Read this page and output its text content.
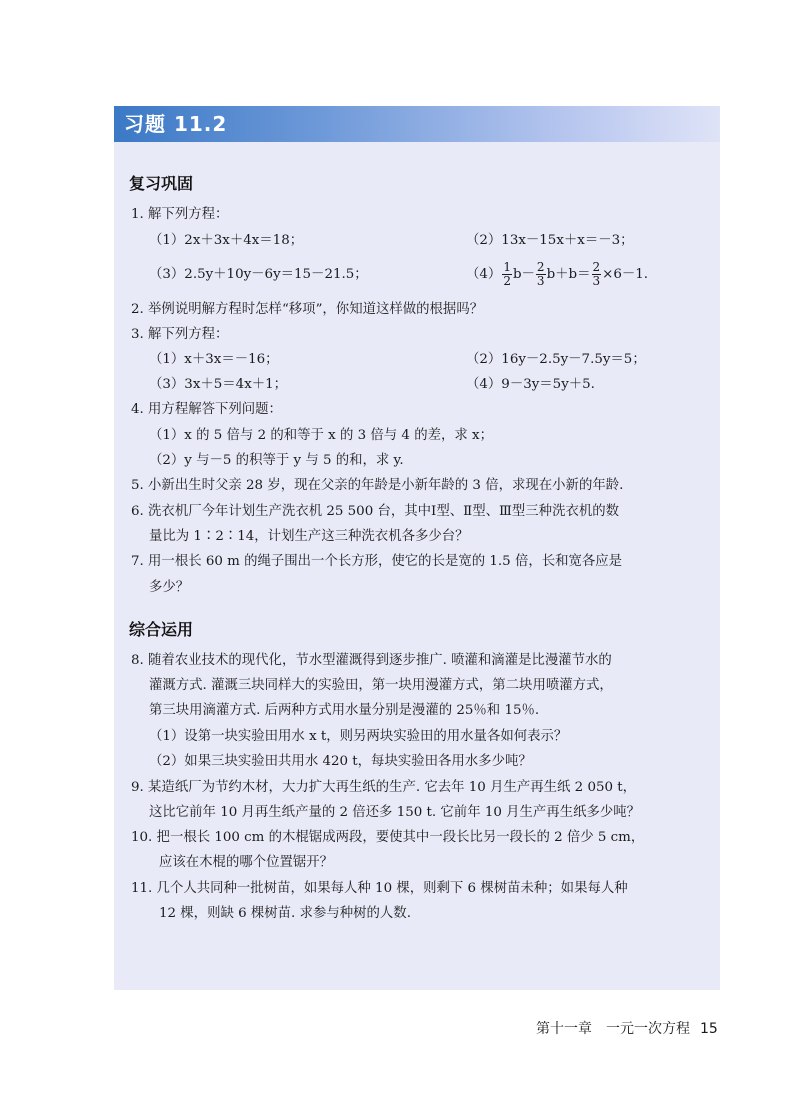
习题 11.2
复习巩固
1. 解下列方程：
（1）2x＋3x＋4x＝18；	（2）13x－15x＋x＝－3；
（3）2.5y＋10y－6y＝15－21.5；	$(4) \frac{1}{2} b- \frac{2}{3} b+b= \frac{2}{3} \times 6-1$.
2. 举例说明解方程时怎样“移项”，你知道这样做的根据吗？
3. 解下列方程：
（1）x＋3x＝－16；	（2）16y－2.5y－7.5y＝5；
（3）3x＋5＝4x＋1；	（4）9－3y＝5y＋5.
4. 用方程解答下列问题：
（1）x 的 5 倍与 2 的和等于 x 的 3 倍与 4 的差，求 x；
（2）y 与－5 的积等于 y 与 5 的和，求 y.
5. 小新出生时父亲 28 岁，现在父亲的年龄是小新年龄的 3 倍，求现在小新的年龄.
6. 洗衣机厂今年计划生产洗衣机 25 500 台，其中Ⅰ型、Ⅱ型、Ⅲ型三种洗衣机的数
量比为 1∶2∶14，计划生产这三种洗衣机各多少台？
7. 用一根长 60 m 的绳子围出一个长方形，使它的长是宽的 1.5 倍，长和宽各应是
多少？
综合运用
8. 随着农业技术的现代化，节水型灌溉得到逐步推广. 喷灌和滴灌是比漫灌节水的
灌溉方式. 灌溉三块同样大的实验田，第一块用漫灌方式，第二块用喷灌方式，
第三块用滴灌方式. 后两种方式用水量分别是漫灌的 25％和 15％.
（1）设第一块实验田用水 x t，则另两块实验田的用水量各如何表示？
（2）如果三块实验田共用水 420 t，每块实验田各用水多少吨？
9. 某造纸厂为节约木材，大力扩大再生纸的生产. 它去年 10 月生产再生纸 2 050 t，
这比它前年 10 月再生纸产量的 2 倍还多 150 t. 它前年 10 月生产再生纸多少吨？
10. 把一根长 100 cm 的木棍锯成两段，要使其中一段长比另一段长的 2 倍少 5 cm，
应该在木棍的哪个位置锯开？
11. 几个人共同种一批树苗，如果每人种 10 棵，则剩下 6 棵树苗未种；如果每人种
12 棵，则缺 6 棵树苗. 求参与种树的人数.
第十一章　一元一次方程 15
